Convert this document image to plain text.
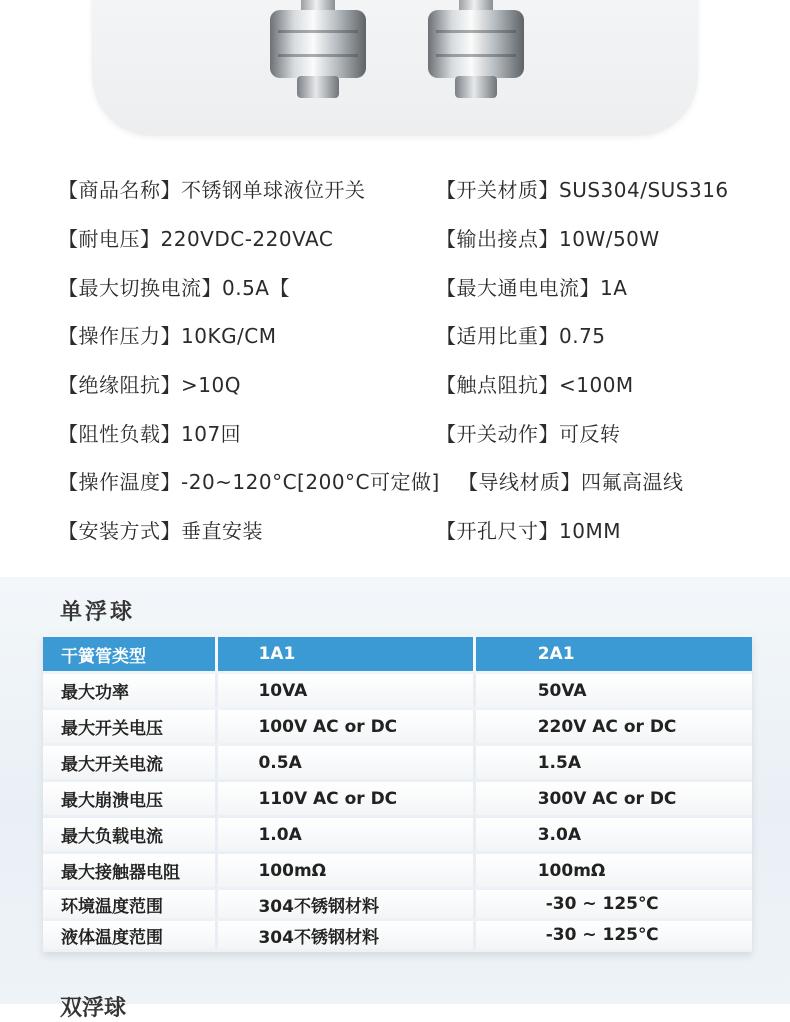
【商品名称】不锈钢单球液位开关	【开关材质】SUS304/SUS316
【耐电压】220VDC-220VAC	【输出接点】10W/50W
【最大切换电流】0.5A【	【最大通电电流】1A
【操作压力】10KG/CM	【适用比重】0.75
【绝缘阻抗】>10Q	【触点阻抗】<100M
【阻性负载】107回	【开关动作】可反转
【操作温度】-20~120°C[200°C可定做] 【导线材质】四氟高温线
【安装方式】垂直安装	【开孔尺寸】10MM
单浮球
干簧管类型	1A1	2A1
最大功率	10VA	50VA
最大开关电压	100V AC or DC	220V AC or DC
最大开关电流	0.5A	1.5A
最大崩溃电压	110V AC or DC	300V AC or DC
最大负载电流	1.0A	3.0A
最大接触器电阻	100mΩ	100mΩ
环境温度范围	304不锈钢材料	-30 ~ 125℃
液体温度范围	304不锈钢材料	-30 ~ 125℃
双浮球
